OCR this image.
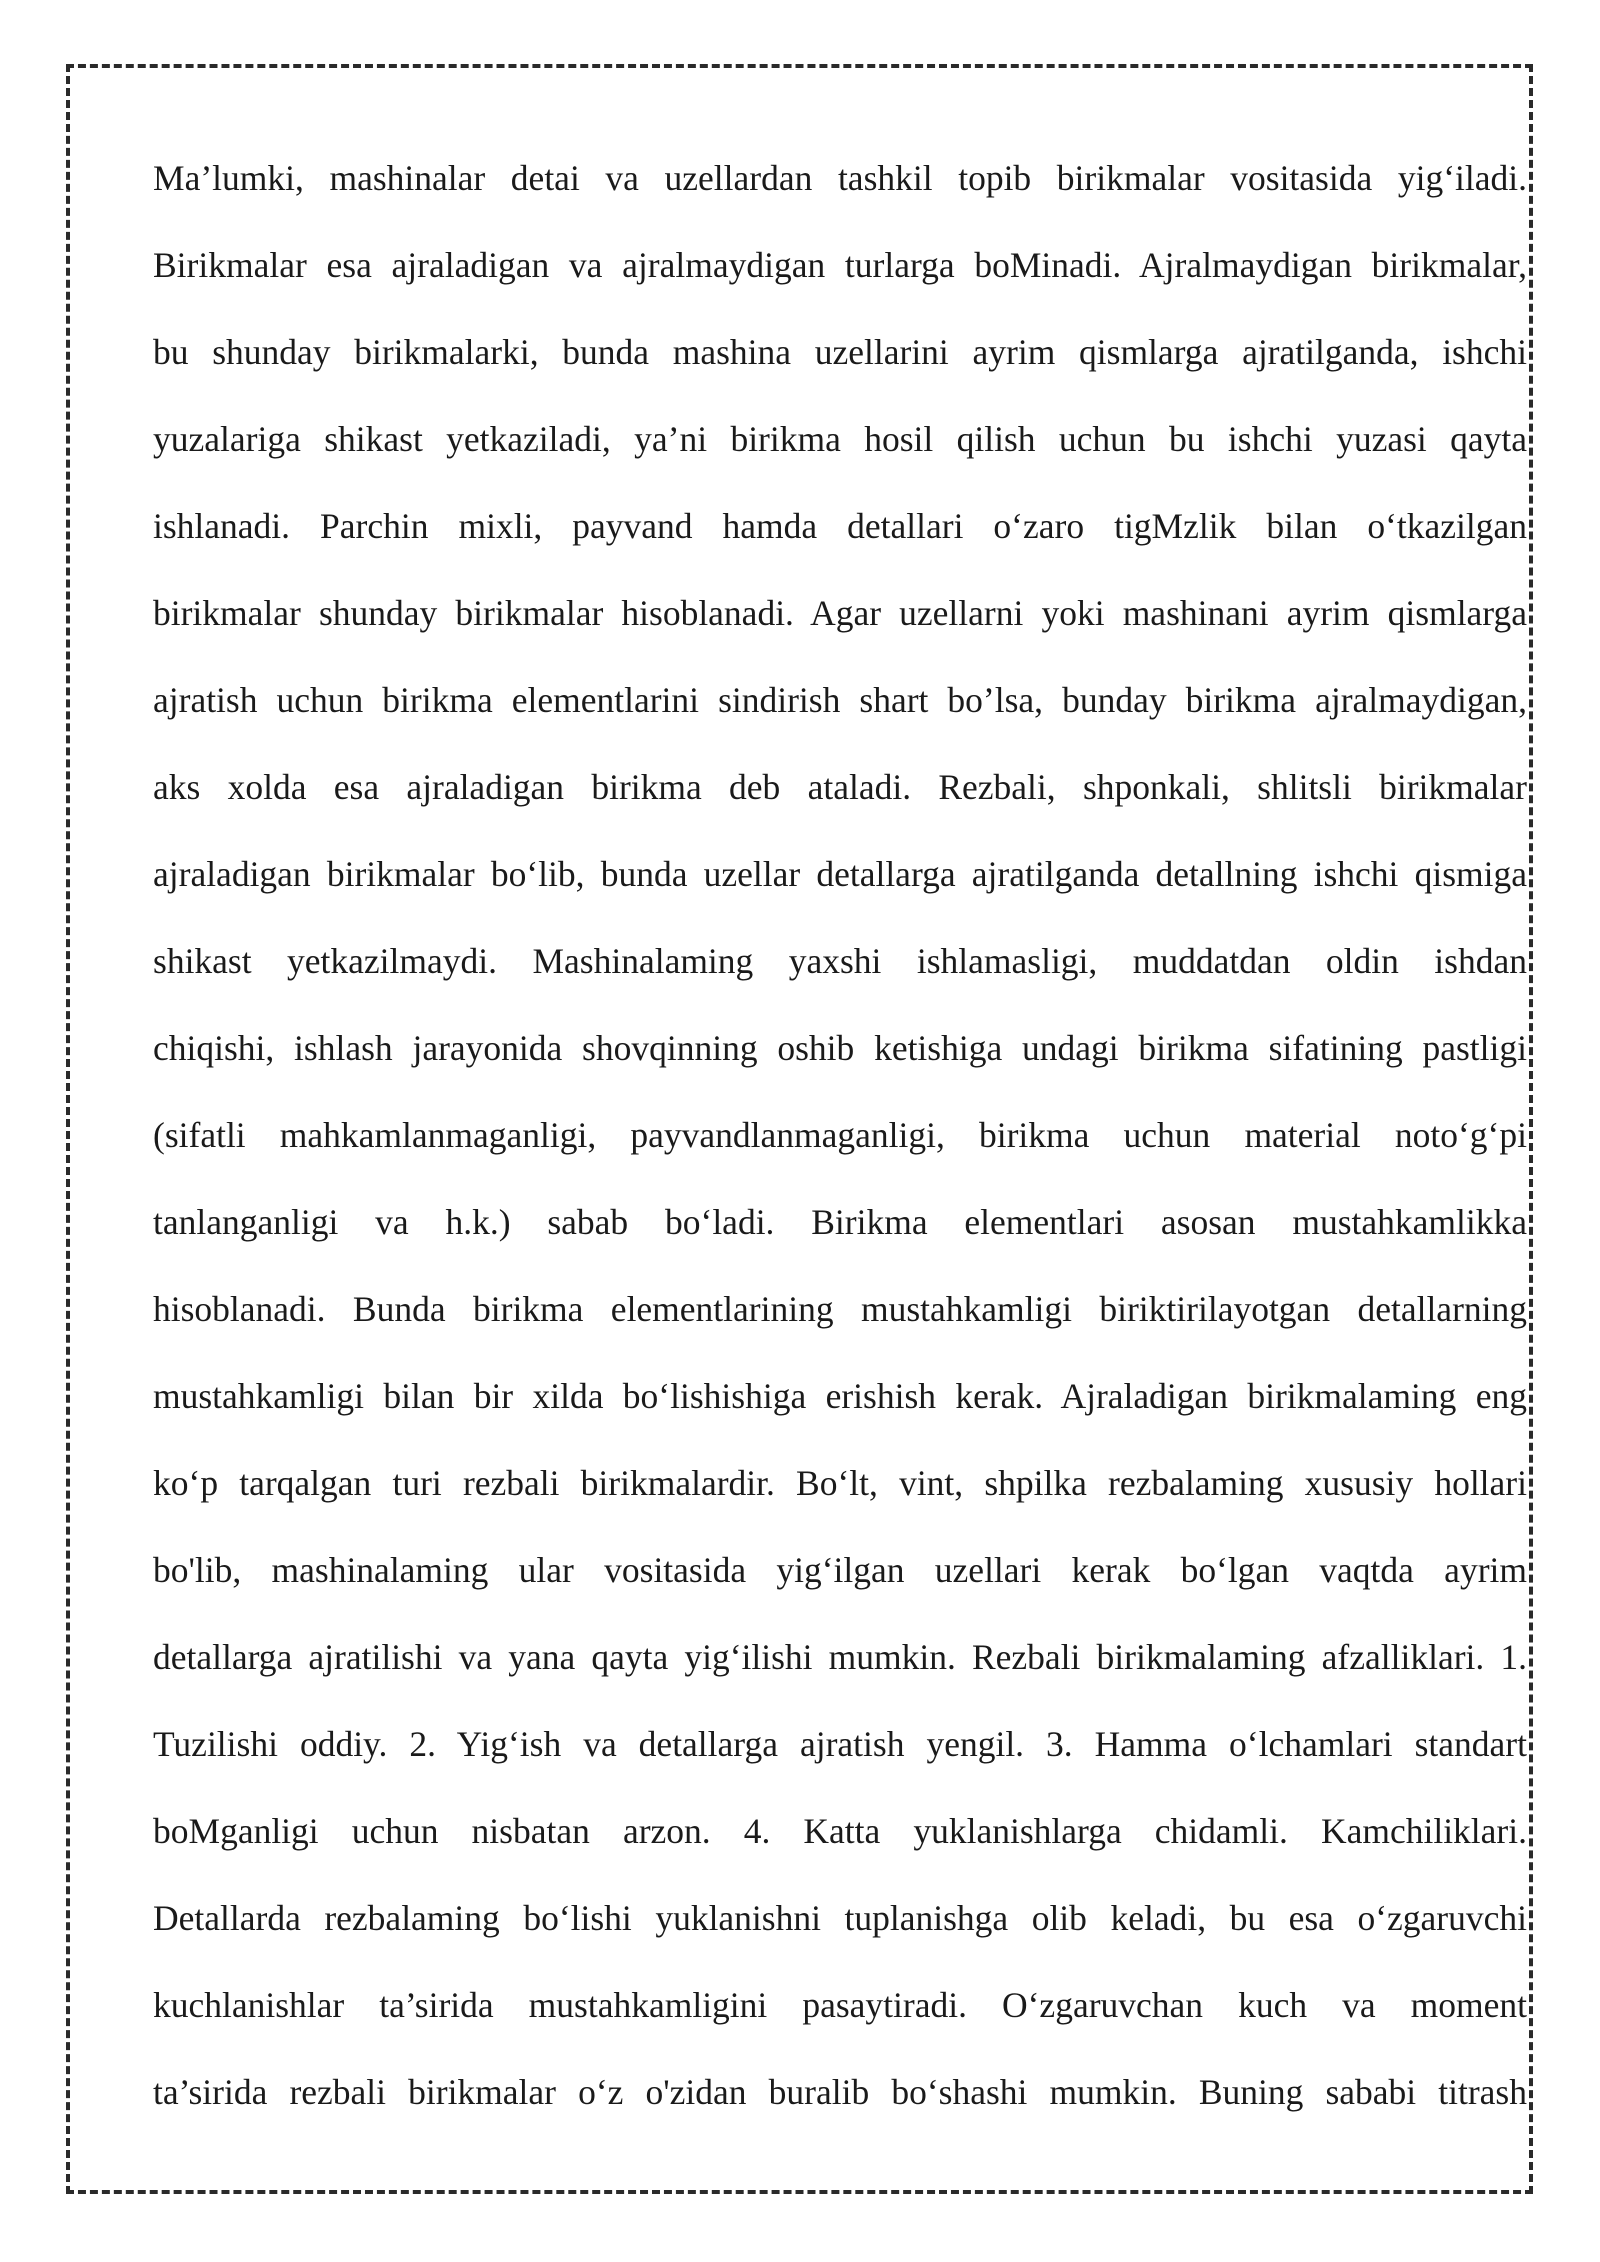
Ma’lumki, mashinalar detai va uzellardan tashkil topib birikmalar vositasida yig‘iladi.
Birikmalar esa ajraladigan va ajralmaydigan turlarga boMinadi. Ajralmaydigan birikmalar,
bu shunday birikmalarki, bunda mashina uzellarini ayrim qismlarga ajratilganda, ishchi
yuzalariga shikast yetkaziladi, ya’ni birikma hosil qilish uchun bu ishchi yuzasi qayta
ishlanadi. Parchin mixli, payvand hamda detallari o‘zaro tigMzlik bilan o‘tkazilgan
birikmalar shunday birikmalar hisoblanadi. Agar uzellarni yoki mashinani ayrim qismlarga
ajratish uchun birikma elementlarini sindirish shart bo’lsa, bunday birikma ajralmaydigan,
aks xolda esa ajraladigan birikma deb ataladi. Rezbali, shponkali, shlitsli birikmalar
ajraladigan birikmalar bo‘lib, bunda uzellar detallarga ajratilganda detallning ishchi qismiga
shikast yetkazilmaydi. Mashinalaming yaxshi ishlamasligi, muddatdan oldin ishdan
chiqishi, ishlash jarayonida shovqinning oshib ketishiga undagi birikma sifatining pastligi
(sifatli mahkamlanmaganligi, payvandlanmaganligi, birikma uchun material noto‘g‘pi
tanlanganligi va h.k.) sabab bo‘ladi. Birikma elementlari asosan mustahkamlikka
hisoblanadi. Bunda birikma elementlarining mustahkamligi biriktirilayotgan detallarning
mustahkamligi bilan bir xilda bo‘lishishiga erishish kerak. Ajraladigan birikmalaming eng
ko‘p tarqalgan turi rezbali birikmalardir. Bo‘lt, vint, shpilka rezbalaming xususiy hollari
bo'lib, mashinalaming ular vositasida yig‘ilgan uzellari kerak bo‘lgan vaqtda ayrim
detallarga ajratilishi va yana qayta yig‘ilishi mumkin. Rezbali birikmalaming afzalliklari. 1.
Tuzilishi oddiy. 2. Yig‘ish va detallarga ajratish yengil. 3. Hamma o‘lchamlari standart
boMganligi uchun nisbatan arzon. 4. Katta yuklanishlarga chidamli. Kamchiliklari.
Detallarda rezbalaming bo‘lishi yuklanishni tuplanishga olib keladi, bu esa o‘zgaruvchi
kuchlanishlar ta’sirida mustahkamligini pasaytiradi. O‘zgaruvchan kuch va moment
ta’sirida rezbali birikmalar o‘z o'zidan buralib bo‘shashi mumkin. Buning sababi titrash
